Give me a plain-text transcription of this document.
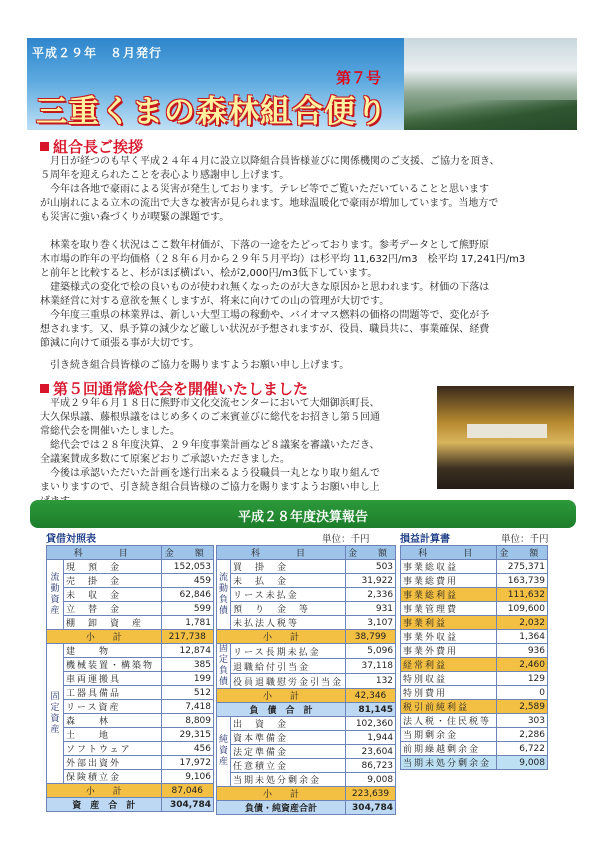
平成２９年　８月発行
第７号
三重くまの森林組合便り
組合長ご挨拶
　月日が経つのも早く平成２４年４月に設立以降組合員皆様並びに関係機関のご支援、ご協力を頂き、
５周年を迎えられたことを表心より感謝申し上げます。
　今年は各地で豪雨による災害が発生しております。テレビ等でご覧いただいていることと思います
が山崩れによる立木の流出で大きな被害が見られます。地球温暖化で豪雨が増加しています。当地方で
も災害に強い森づくりが喫緊の課題です。
　林業を取り巻く状況はここ数年材価が、下落の一途をたどっております。参考データとして熊野原
木市場の昨年の平均価格（２８年６月から２９年５月平均）は杉平均 11,632円/m3　桧平均 17,241円/m3
と前年と比較すると、杉がほぼ横ばい、桧が2,000円/m3低下しています。
　建築様式の変化で桧の良いものが使われ無くなったのが大きな原因かと思われます。材価の下落は
林業経営に対する意欲を無くしますが、将来に向けての山の管理が大切です。
　今年度三重県の林業界は、新しい大型工場の稼動や、バイオマス燃料の価格の問題等で、変化が予
想されます。又、県予算の減少など厳しい状況が予想されますが、役員、職員共に、事業確保、経費
節減に向けて頑張る事が大切です。
　引き続き組合員皆様のご協力を賜りますようお願い申し上げます。
第５回通常総代会を開催いたしました
　平成２９年６月１８日に熊野市文化交流センターにおいて大畑御浜町長、
大久保県議、藤根県議をはじめ多くのご来賓並びに総代をお招きし第５回通
常総代会を開催いたしました。
　総代会では２８年度決算、２９年度事業計画など８議案を審議いただき、
全議案賛成多数にて原案どおりご承認いただきました。
　今後は承認いただいた計画を遂行出来るよう役職員一丸となり取り組んで
まいりますので、引き続き組合員皆様のご協力を賜りますようお願い申し上
平成２８年度決算報告
貸借対照表	単位：千円	損益計算書	単位：千円
科　　目		金　額
流動資産	現　預　金	152,053
	売　掛　金	459
	未　収　金	62,846
	立　替　金	599
	棚　卸　資　産	1,781
小　　計		217,738
固定資産	建　　物	12,874
	機械装置・構築物	385
	車両運搬具	199
	工器具備品	512
	リース資産	7,418
	森　　林	8,809
	土　　地	29,315
	ソフトウェア	456
	外部出資外	17,972
	保険積立金	9,106
小　　計		87,046
資　産　合　計		304,784
科　　目		金　額
流動負債	買　掛　金	503
	未　払　金	31,922
	リース未払金	2,336
	預　り　金　等	931
	未払法人税等	3,107
小　　計		38,799
固定負債	リース長期未払金	5,096
	退職給付引当金	37,118
	役員退職慰労金引当金	132
小　　計		42,346
負　債　合　計		81,145
純資産	出　資　金	102,360
	資本準備金	1,944
	法定準備金	23,604
	任意積立金	86,723
	当期未処分剰余金	9,008
小　　計		223,639
負債・純資産合計		304,784
科　　目	金　額
事業総収益	275,371
事業総費用	163,739
事業総利益	111,632
事業管理費	109,600
事業利益	2,032
事業外収益	1,364
事業外費用	936
経常利益	2,460
特別収益	129
特別費用	0
税引前純利益	2,589
法人税・住民税等	303
当期剰余金	2,286
前期繰越剰余金	6,722
当期未処分剰余金	9,008
